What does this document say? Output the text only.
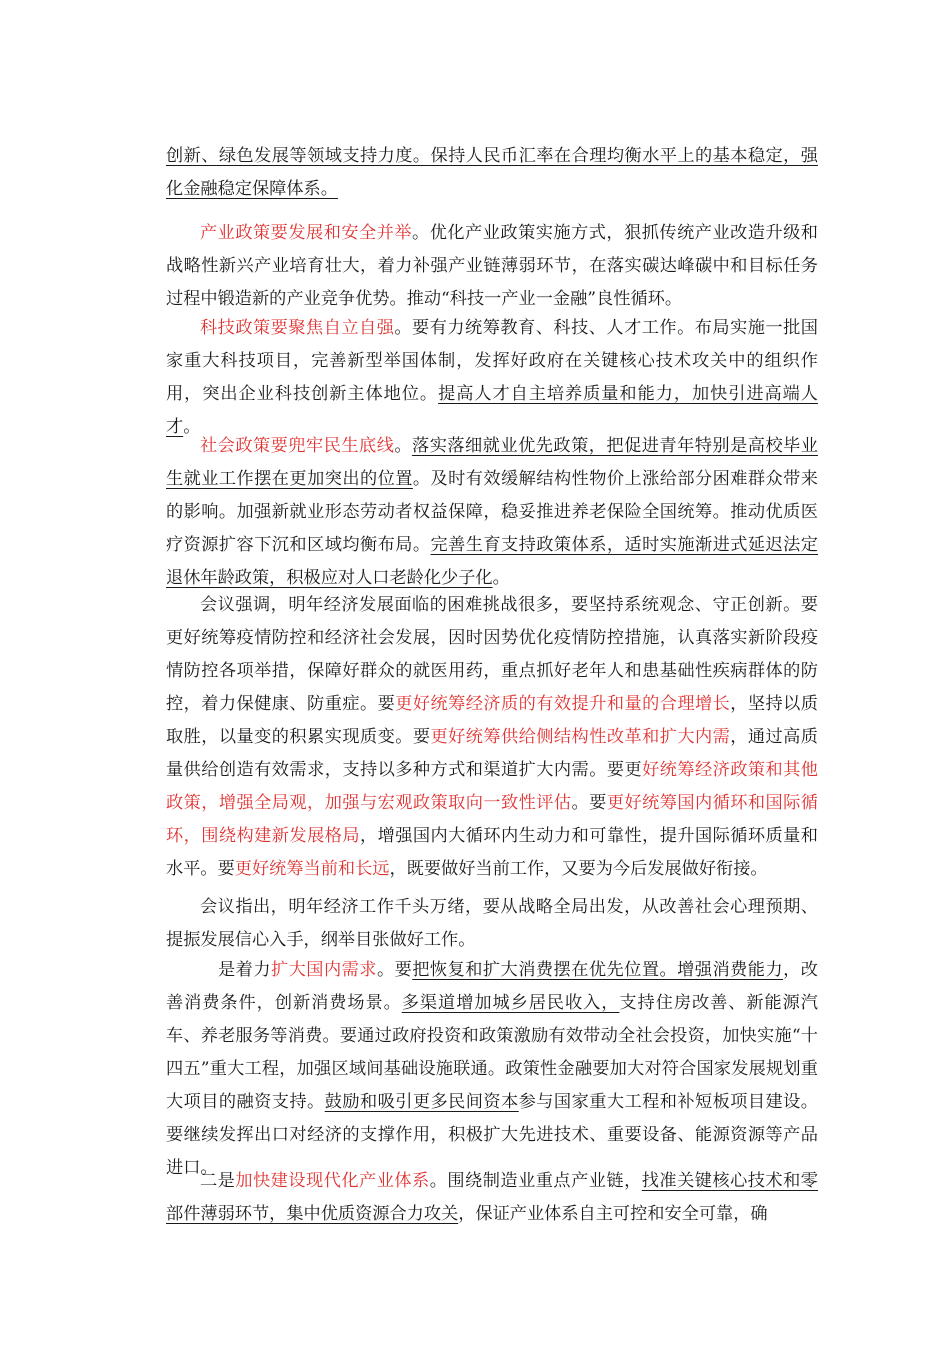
创新、绿色发展等领域支持力度。保持人民币汇率在合理均衡水平上的基本稳定，强化金融稳定保障体系。

产业政策要发展和安全并举。优化产业政策实施方式，狠抓传统产业改造升级和战略性新兴产业培育壮大，着力补强产业链薄弱环节，在落实碳达峰碳中和目标任务过程中锻造新的产业竞争优势。推动“科技一产业一金融”良性循环。

科技政策要聚焦自立自强。要有力统筹教育、科技、人才工作。布局实施一批国家重大科技项目，完善新型举国体制，发挥好政府在关键核心技术攻关中的组织作用，突出企业科技创新主体地位。提高人才自主培养质量和能力，加快引进高端人才。

社会政策要兜牢民生底线。落实落细就业优先政策，把促进青年特别是高校毕业生就业工作摆在更加突出的位置。及时有效缓解结构性物价上涨给部分困难群众带来的影响。加强新就业形态劳动者权益保障，稳妥推进养老保险全国统筹。推动优质医疗资源扩容下沉和区域均衡布局。完善生育支持政策体系，适时实施渐进式延迟法定退休年龄政策，积极应对人口老龄化少子化。

会议强调，明年经济发展面临的困难挑战很多，要坚持系统观念、守正创新。要更好统筹疫情防控和经济社会发展，因时因势优化疫情防控措施，认真落实新阶段疫情防控各项举措，保障好群众的就医用药，重点抓好老年人和患基础性疾病群体的防控，着力保健康、防重症。要更好统筹经济质的有效提升和量的合理增长，坚持以质取胜，以量变的积累实现质变。要更好统筹供给侧结构性改革和扩大内需，通过高质量供给创造有效需求，支持以多种方式和渠道扩大内需。要更好统筹经济政策和其他政策，增强全局观，加强与宏观政策取向一致性评估。要更好统筹国内循环和国际循环，围绕构建新发展格局，增强国内大循环内生动力和可靠性，提升国际循环质量和水平。要更好统筹当前和长远，既要做好当前工作，又要为今后发展做好衔接。

会议指出，明年经济工作千头万绪，要从战略全局出发，从改善社会心理预期、提振发展信心入手，纲举目张做好工作。

是着力扩大国内需求。要把恢复和扩大消费摆在优先位置。增强消费能力，改善消费条件，创新消费场景。多渠道增加城乡居民收入，支持住房改善、新能源汽车、养老服务等消费。要通过政府投资和政策激励有效带动全社会投资，加快实施“十四五”重大工程，加强区域间基础设施联通。政策性金融要加大对符合国家发展规划重大项目的融资支持。鼓励和吸引更多民间资本参与国家重大工程和补短板项目建设。要继续发挥出口对经济的支撑作用，积极扩大先进技术、重要设备、能源资源等产品进口。

二是加快建设现代化产业体系。围绕制造业重点产业链，找准关键核心技术和零部件薄弱环节，集中优质资源合力攻关，保证产业体系自主可控和安全可靠，确
